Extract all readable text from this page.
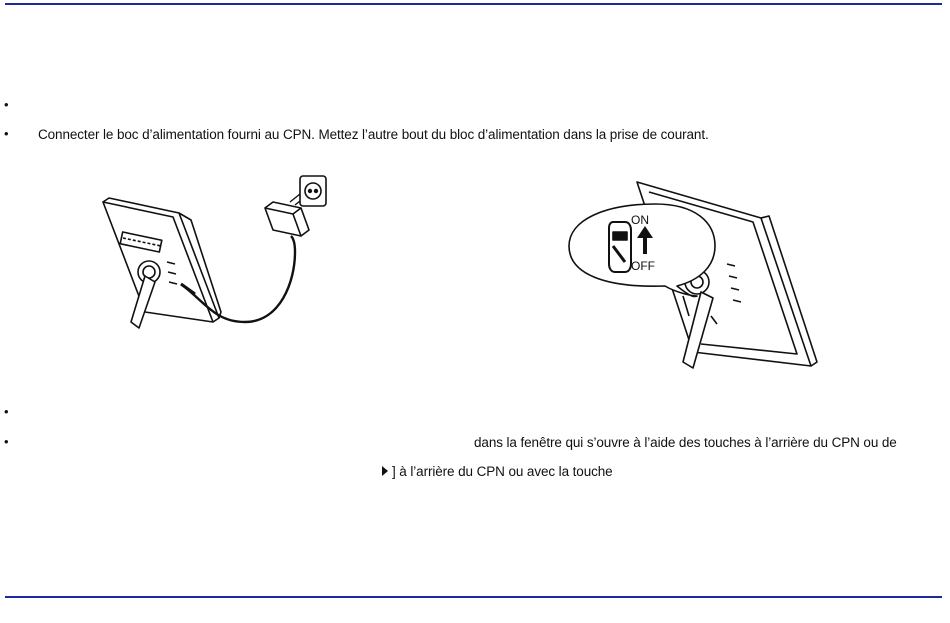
•
• Connecter le boc d’alimentation fourni au CPN. Mettez l’autre bout du bloc d’alimentation dans la prise de courant.
ON
OFF
•
•	dans la fenêtre qui s’ouvre à l’aide des touches à l’arrière du CPN ou de
] à l’arrière du CPN ou avec la touche
